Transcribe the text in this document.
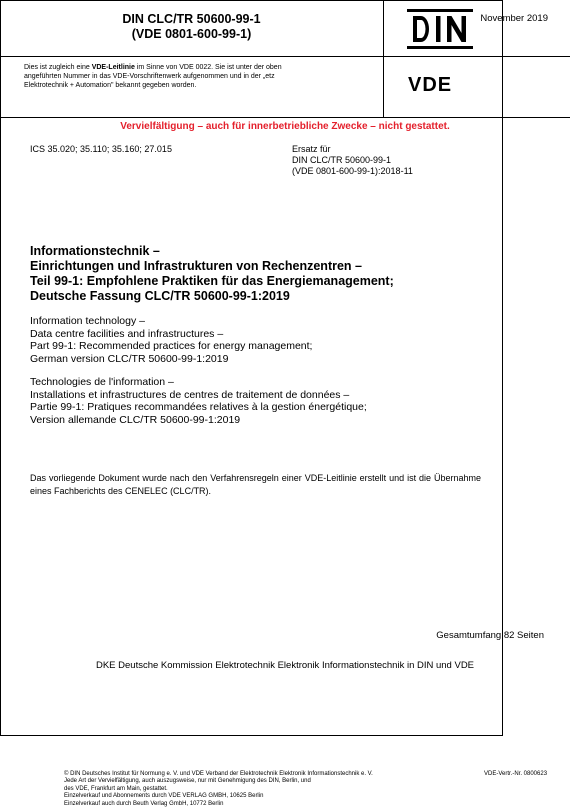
November 2019
DIN CLC/TR 50600-99-1
(VDE 0801-600-99-1)	DIN
Dies ist zugleich eine VDE-Leitlinie im Sinne von VDE 0022. Sie ist unter der oben
angeführten Nummer in das VDE-Vorschriftenwerk aufgenommen und in der „etz
Elektrotechnik + Automation" bekannt gegeben worden.	VDE
Vervielfältigung – auch für innerbetriebliche Zwecke – nicht gestattet.
ICS 35.020; 35.110; 35.160; 27.015	Ersatz für
DIN CLC/TR 50600-99-1
(VDE 0801-600-99-1):2018-11
Informationstechnik –
Einrichtungen und Infrastrukturen von Rechenzentren –
Teil 99-1: Empfohlene Praktiken für das Energiemanagement;
Deutsche Fassung CLC/TR 50600-99-1:2019
Information technology –
Data centre facilities and infrastructures –
Part 99-1: Recommended practices for energy management;
German version CLC/TR 50600-99-1:2019
Technologies de l'information –
Installations et infrastructures de centres de traitement de données –
Partie 99-1: Pratiques recommandées relatives à la gestion énergétique;
Version allemande CLC/TR 50600-99-1:2019
Das vorliegende Dokument wurde nach den Verfahrensregeln einer VDE-Leitlinie erstellt und ist die Übernahme eines Fachberichts des CENELEC (CLC/TR).
Gesamtumfang 82 Seiten
DKE Deutsche Kommission Elektrotechnik Elektronik Informationstechnik in DIN und VDE
© DIN Deutsches Institut für Normung e. V. und VDE Verband der Elektrotechnik Elektronik Informationstechnik e. V.
Jede Art der Vervielfältigung, auch auszugsweise, nur mit Genehmigung des DIN, Berlin, und
des VDE, Frankfurt am Main, gestattet.
Einzelverkauf und Abonnements durch VDE VERLAG GMBH, 10625 Berlin
Einzelverkauf auch durch Beuth Verlag GmbH, 10772 Berlin
VDE-Vertr.-Nr. 0800623
